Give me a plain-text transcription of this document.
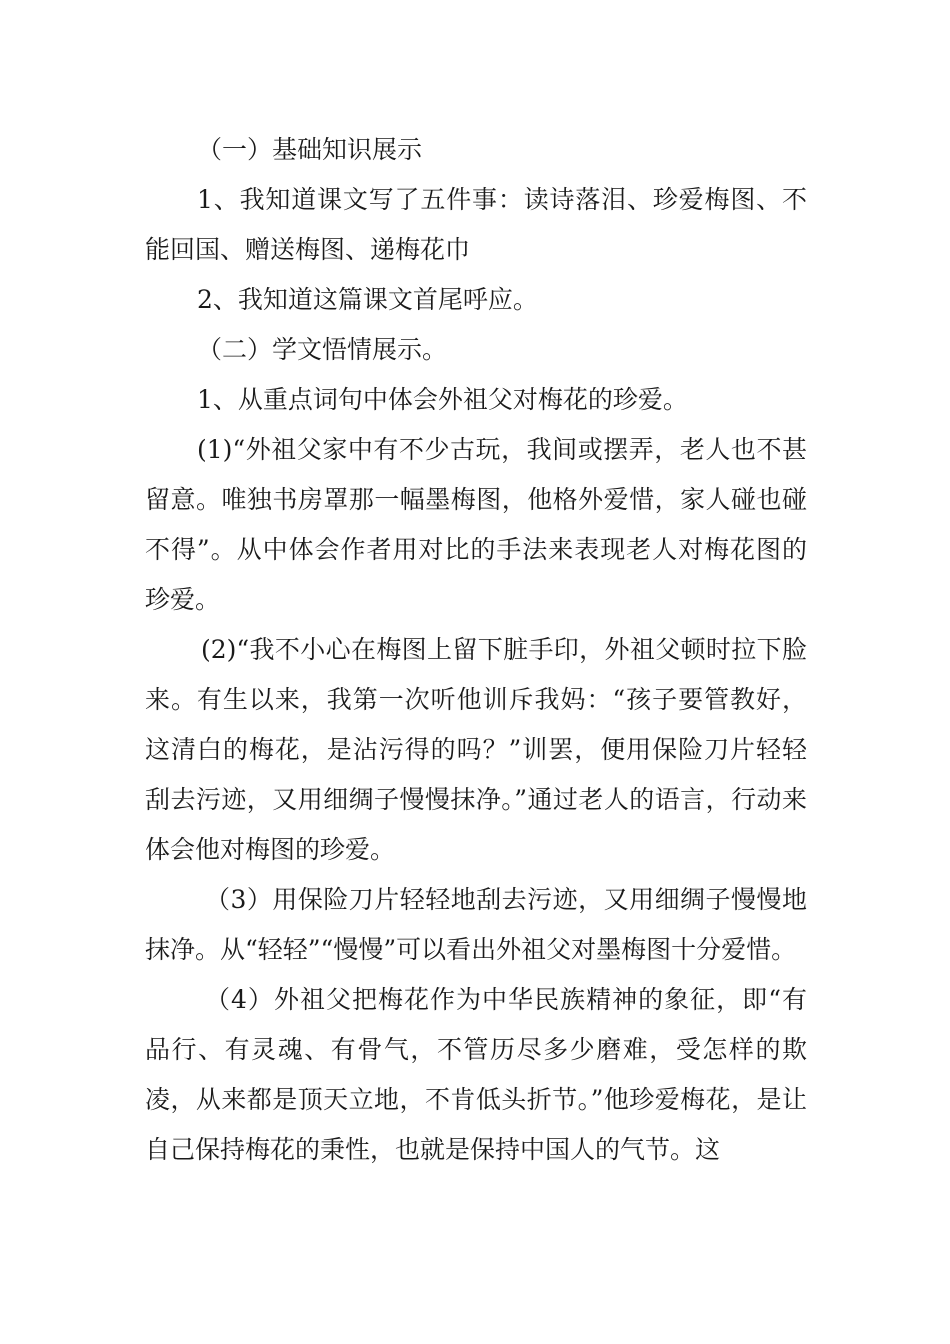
（一）基础知识展示

1、我知道课文写了五件事：读诗落泪、珍爱梅图、不能回国、赠送梅图、递梅花巾

2、我知道这篇课文首尾呼应。

（二）学文悟情展示。

1、从重点词句中体会外祖父对梅花的珍爱。

(1)“外祖父家中有不少古玩，我间或摆弄，老人也不甚留意。唯独书房罩那一幅墨梅图，他格外爱惜，家人碰也碰不得”。从中体会作者用对比的手法来表现老人对梅花图的珍爱。

(2)“我不小心在梅图上留下脏手印，外祖父顿时拉下脸来。有生以来，我第一次听他训斥我妈：“孩子要管教好，这清白的梅花，是沾污得的吗？”训罢，便用保险刀片轻轻刮去污迹，又用细绸子慢慢抹净。”通过老人的语言，行动来体会他对梅图的珍爱。

（3）用保险刀片轻轻地刮去污迹，又用细绸子慢慢地抹净。从“轻轻”“慢慢”可以看出外祖父对墨梅图十分爱惜。

（4）外祖父把梅花作为中华民族精神的象征，即“有品行、有灵魂、有骨气，不管历尽多少磨难，受怎样的欺凌，从来都是顶天立地，不肯低头折节。”他珍爱梅花，是让自己保持梅花的秉性，也就是保持中国人的气节。这
